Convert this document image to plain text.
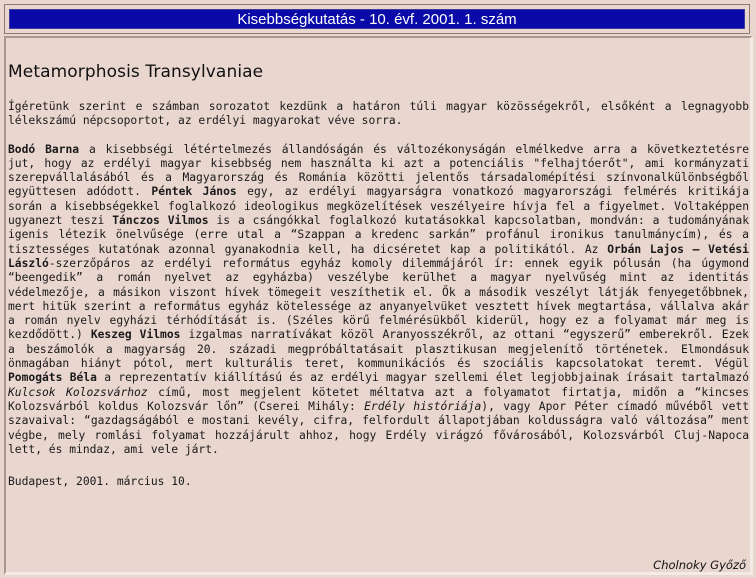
Kisebbségkutatás - 10. évf. 2001. 1. szám
Metamorphosis Transylvaniae

Ígéretünk szerint e számban sorozatot kezdünk a határon túli magyar közösségekről, elsőként a legnagyobb lélekszámú népcsoportot, az erdélyi magyarokat véve sorra.

Bodó Barna a kisebbségi létértelmezés állandóságán és változékonyságán elmélkedve arra a következtetésre jut, hogy az erdélyi magyar kisebbség nem használta ki azt a potenciális "felhajtóerőt", ami kormányzati szerepvállalásából és a Magyarország és Románia közötti jelentős társadalomépítési színvonalkülönbségből együttesen adódott. Péntek János egy, az erdélyi magyarságra vonatkozó magyarországi felmérés kritikája során a kisebbségekkel foglalkozó ideologikus megközelítések veszélyeire hívja fel a figyelmet. Voltaképpen ugyanezt teszi Tánczos Vilmos is a csángókkal foglalkozó kutatásokkal kapcsolatban, mondván: a tudományának igenis létezik önelvűsége (erre utal a “Szappan a kredenc sarkán” profánul ironikus tanulmánycím), és a tisztességes kutatónak azonnal gyanakodnia kell, ha dicséretet kap a politikától. Az Orbán Lajos – Vetési László-szerzőpáros az erdélyi református egyház komoly dilemmájáról ír: ennek egyik pólusán (ha úgymond “beengedik” a román nyelvet az egyházba) veszélybe kerülhet a magyar nyelvűség mint az identitás védelmezője, a másikon viszont hívek tömegeit veszíthetik el. Ők a második veszélyt látják fenyegetőbbnek, mert hitük szerint a református egyház kötelessége az anyanyelvüket vesztett hívek megtartása, vállalva akár a román nyelv egyházi térhódítását is. (Széles körű felmérésükből kiderül, hogy ez a folyamat már meg is kezdődött.) Keszeg Vilmos izgalmas narratívákat közöl Aranyosszékről, az ottani “egyszerű” emberekről. Ezek a beszámolók a magyarság 20. századi megpróbáltatásait plasztikusan megjelenítő történetek. Elmondásuk önmagában hiányt pótol, mert kulturális teret, kommunikációs és szociális kapcsolatokat teremt. Végül Pomogáts Béla a reprezentatív kiállítású és az erdélyi magyar szellemi élet legjobbjainak írásait tartalmazó Kulcsok Kolozsvárhoz című, most megjelent kötetet méltatva azt a folyamatot firtatja, midőn a “kincses Kolozsvárból koldus Kolozsvár lőn” (Cserei Mihály: Erdély históriája), vagy Apor Péter címadó művéből vett szavaival: “gazdagságából e mostani kevély, cifra, felfordult állapotjában koldusságra való változása” ment végbe, mely romlási folyamat hozzájárult ahhoz, hogy Erdély virágzó fővárosából, Kolozsvárból Cluj-Napoca lett, és mindaz, ami vele járt.

Budapest, 2001. március 10.

Cholnoky Győző
